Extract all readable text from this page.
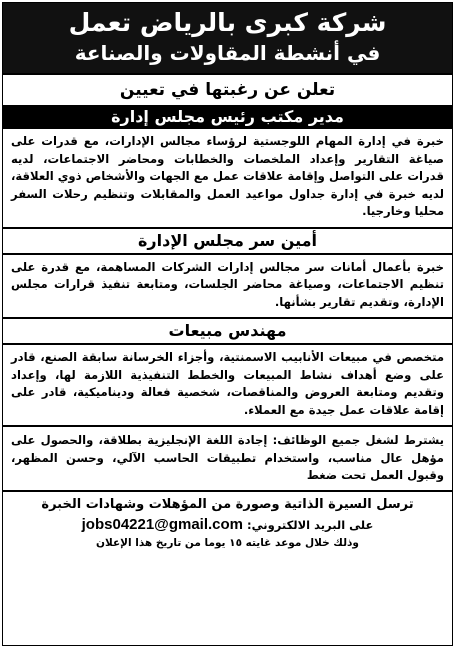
شركة كبرى بالرياض تعمل
في أنشطة المقاولات والصناعة
تعلن عن رغبتها في تعيين
مدير مكتب رئيس مجلس إدارة
خبرة في إدارة المهام اللوجستية لرؤساء مجالس الإدارات، مع قدرات على صياغة التقارير وإعداد الملخصات والخطابات ومحاضر الاجتماعات، لديه قدرات على التواصل وإقامة علاقات عمل مع الجهات والأشخاص ذوي العلاقة، لديه خبرة في إدارة جداول مواعيد العمل والمقابلات وتنظيم رحلات السفر محليا وخارجيا.
أمين سر مجلس الإدارة
خبرة بأعمال أمانات سر مجالس إدارات الشركات المساهمة، مع قدرة على تنظيم الاجتماعات، وصياغة محاضر الجلسات، ومتابعة تنفيذ قرارات مجلس الإدارة، وتقديم تقارير بشأنها.
مهندس مبيعات
متخصص في مبيعات الأنابيب الاسمنتية، وأجزاء الخرسانة سابقة الصنع، قادر على وضع أهداف نشاط المبيعات والخطط التنفيذية اللازمة لها، وإعداد وتقديم ومتابعة العروض والمناقصات، شخصية فعالة وديناميكية، قادر على إقامة علاقات عمل جيدة مع العملاء.
يشترط لشغل جميع الوظائف: إجادة اللغة الإنجليزية بطلاقة، والحصول على مؤهل عال مناسب، واستخدام تطبيقات الحاسب الآلي، وحسن المظهر، وقبول العمل تحت ضغط
ترسل السيرة الذاتية وصورة من المؤهلات وشهادات الخبرة
على البريد الالكتروني: jobs04221@gmail.com
وذلك خلال موعد غايته ١٥ يوما من تاريخ هذا الإعلان
